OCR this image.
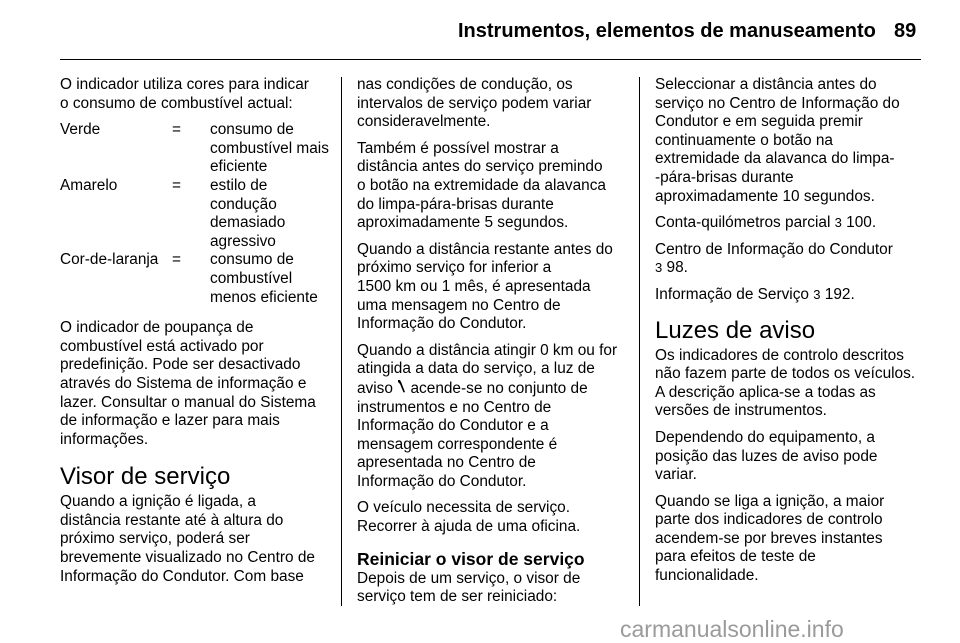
Instrumentos, elementos de manuseamento 89

O indicador utiliza cores para indicar
o consumo de combustível actual:

Verde	=	consumo de
combustível mais
eficiente
Amarelo	=	estilo de condução
demasiado
agressivo
Cor-de-laranja =	consumo de
combustível
menos eficiente

O indicador de poupança de
combustível está activado por
predefinição. Pode ser desactivado
através do Sistema de informação e
lazer. Consultar o manual do Sistema
de informação e lazer para mais
informações.

Visor de serviço

Quando a ignição é ligada, a
distância restante até à altura do
próximo serviço, poderá ser
brevemente visualizado no Centro de
Informação do Condutor. Com base

nas condições de condução, os
intervalos de serviço podem variar
consideravelmente.

Também é possível mostrar a
distância antes do serviço premindo
o botão na extremidade da alavanca
do limpa-pára-brisas durante
aproximadamente 5 segundos.

Quando a distância restante antes do
próximo serviço for inferior a
1500 km ou 1 mês, é apresentada
uma mensagem no Centro de
Informação do Condutor.

Quando a distância atingir 0 km ou for
atingida a data do serviço, a luz de
aviso acende-se no conjunto de
instrumentos e no Centro de
Informação do Condutor e a
mensagem correspondente é
apresentada no Centro de
Informação do Condutor.

O veículo necessita de serviço.
Recorrer à ajuda de uma oficina.

Reiniciar o visor de serviço

Depois de um serviço, o visor de
serviço tem de ser reiniciado:

Seleccionar a distância antes do
serviço no Centro de Informação do
Condutor e em seguida premir
continuamente o botão na
extremidade da alavanca do limpa-
-pára-brisas durante
aproximadamente 10 segundos.

Conta-quilómetros parcial 3 100.

Centro de Informação do Condutor
3 98.

Informação de Serviço 3 192.

Luzes de aviso

Os indicadores de controlo descritos
não fazem parte de todos os veículos.
A descrição aplica-se a todas as
versões de instrumentos.

Dependendo do equipamento, a
posição das luzes de aviso pode
variar.

Quando se liga a ignição, a maior
parte dos indicadores de controlo
acendem-se por breves instantes
para efeitos de teste de
funcionalidade.

carmanualsonline.info
